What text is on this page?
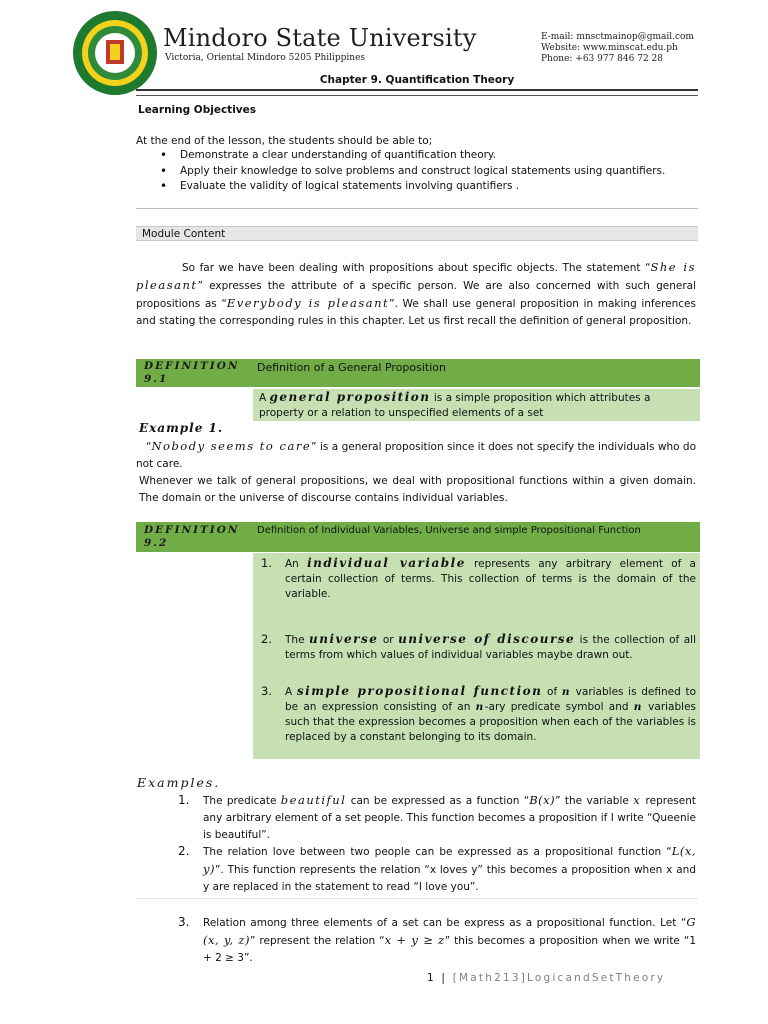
Mindoro State University
Victoria, Oriental Mindoro 5205 Philippines
E-mail: mnsctmainop@gmail.com
Website: www.minscat.edu.ph
Phone: +63 977 846 72 28
Chapter 9. Quantification Theory
Learning Objectives
At the end of the lesson, the students should be able to;
• Demonstrate a clear understanding of quantification theory.
• Apply their knowledge to solve problems and construct logical statements using quantifiers.
• Evaluate the validity of logical statements involving quantifiers .
Module Content
So far we have been dealing with propositions about specific objects. The statement “She is pleasant” expresses the attribute of a specific person. We are also concerned with such general propositions as “Everybody is pleasant”. We shall use general proposition in making inferences and stating the corresponding rules in this chapter. Let us first recall the definition of general proposition.
DEFINITION 9.1
Definition of a General Proposition
A general proposition is a simple proposition which attributes a property or a relation to unspecified elements of a set
Example 1.
“Nobody seems to care” is a general proposition since it does not specify the individuals who do not care.
Whenever we talk of general propositions, we deal with propositional functions within a given domain. The domain or the universe of discourse contains individual variables.
DEFINITION 9.2
Definition of Individual Variables, Universe and simple Propositional Function
1. An individual variable represents any arbitrary element of a certain collection of terms. This collection of terms is the domain of the variable.
2. The universe or universe of discourse is the collection of all terms from which values of individual variables maybe drawn out.
3. A simple propositional function of n variables is defined to be an expression consisting of an n-ary predicate symbol and n variables such that the expression becomes a proposition when each of the variables is replaced by a constant belonging to its domain.
Examples.
1. The predicate beautiful can be expressed as a function “B(x)” the variable x represent any arbitrary element of a set people. This function becomes a proposition if I write “Queenie is beautiful”.
2. The relation love between two people can be expressed as a propositional function “L(x, y)”. This function represents the relation “x loves y” this becomes a proposition when x and y are replaced in the statement to read “I love you”.
3. Relation among three elements of a set can be express as a propositional function. Let “G (x, y, z)” represent the relation “x + y ≥ z” this becomes a proposition when we write “1 + 2 ≥ 3”.
1 | [Math213]LogicandSetTheory
